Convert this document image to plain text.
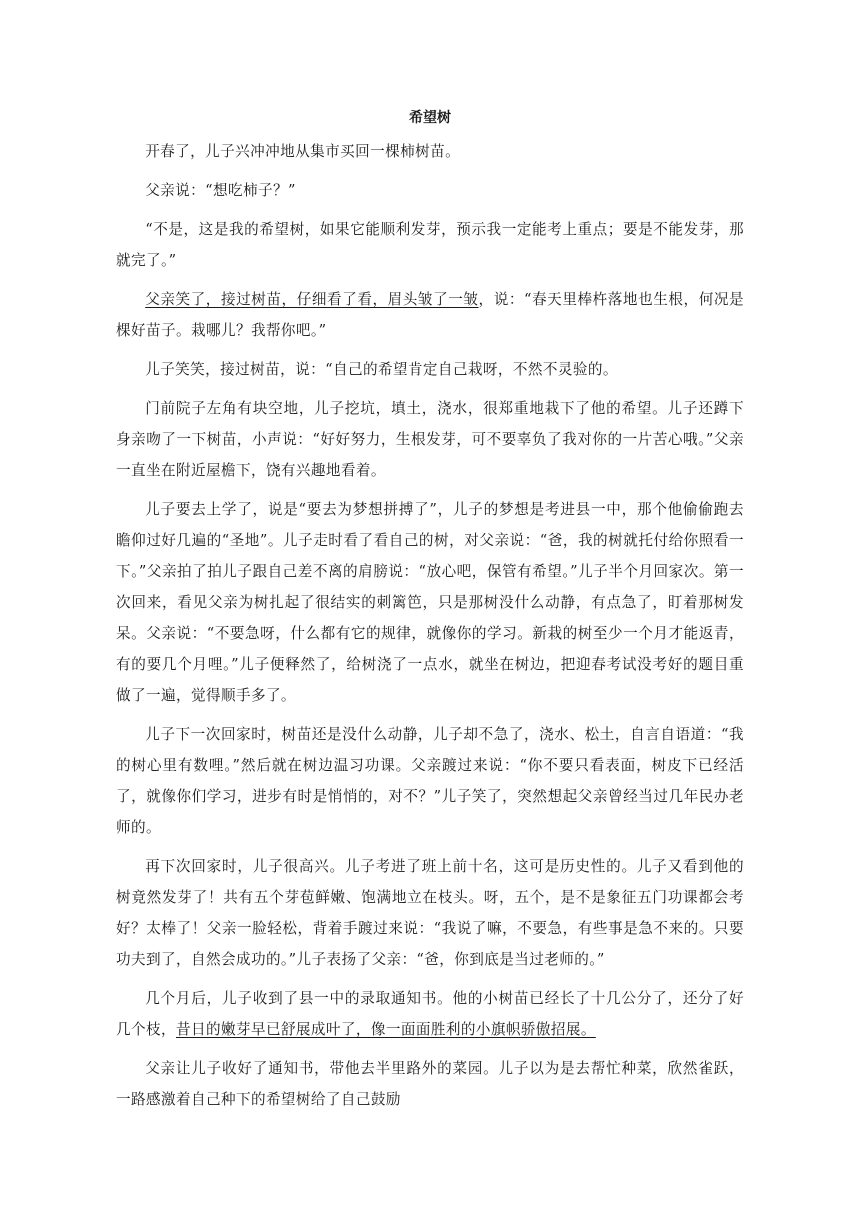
希望树

开春了，儿子兴冲冲地从集市买回一棵柿树苗。

父亲说：“想吃柿子？”

“不是，这是我的希望树，如果它能顺利发芽，预示我一定能考上重点；要是不能发芽，那就完了。”

父亲笑了，接过树苗，仔细看了看，眉头皱了一皱，说：“春天里棒杵落地也生根，何况是棵好苗子。栽哪儿？我帮你吧。”

儿子笑笑，接过树苗，说：“自己的希望肯定自己栽呀，不然不灵验的。

门前院子左角有块空地，儿子挖坑，填土，浇水，很郑重地栽下了他的希望。儿子还蹲下身亲吻了一下树苗，小声说：“好好努力，生根发芽，可不要辜负了我对你的一片苦心哦。”父亲一直坐在附近屋檐下，饶有兴趣地看着。

儿子要去上学了，说是“要去为梦想拼搏了”，儿子的梦想是考进县一中，那个他偷偷跑去瞻仰过好几遍的“圣地”。儿子走时看了看自己的树，对父亲说：“爸，我的树就托付给你照看一下。”父亲拍了拍儿子跟自己差不离的肩膀说：“放心吧，保管有希望。”儿子半个月回家次。第一次回来，看见父亲为树扎起了很结实的刺篱笆，只是那树没什么动静，有点急了，盯着那树发呆。父亲说：“不要急呀，什么都有它的规律，就像你的学习。新栽的树至少一个月才能返青，有的要几个月哩。”儿子便释然了，给树浇了一点水，就坐在树边，把迎春考试没考好的题目重做了一遍，觉得顺手多了。

儿子下一次回家时，树苗还是没什么动静，儿子却不急了，浇水、松土，自言自语道：“我的树心里有数哩。”然后就在树边温习功课。父亲踱过来说：“你不要只看表面，树皮下已经活了，就像你们学习，进步有时是悄悄的，对不？”儿子笑了，突然想起父亲曾经当过几年民办老师的。

再下次回家时，儿子很高兴。儿子考进了班上前十名，这可是历史性的。儿子又看到他的树竟然发芽了！共有五个芽苞鲜嫩、饱满地立在枝头。呀，五个，是不是象征五门功课都会考好？太棒了！父亲一脸轻松，背着手踱过来说：“我说了嘛，不要急，有些事是急不来的。只要功夫到了，自然会成功的。”儿子表扬了父亲：“爸，你到底是当过老师的。”

几个月后，儿子收到了县一中的录取通知书。他的小树苗已经长了十几公分了，还分了好几个枝，昔日的嫩芽早已舒展成叶了，像一面面胜利的小旗帜骄傲招展。

父亲让儿子收好了通知书，带他去半里路外的菜园。儿子以为是去帮忙种菜，欣然雀跃，一路感激着自己种下的希望树给了自己鼓励
